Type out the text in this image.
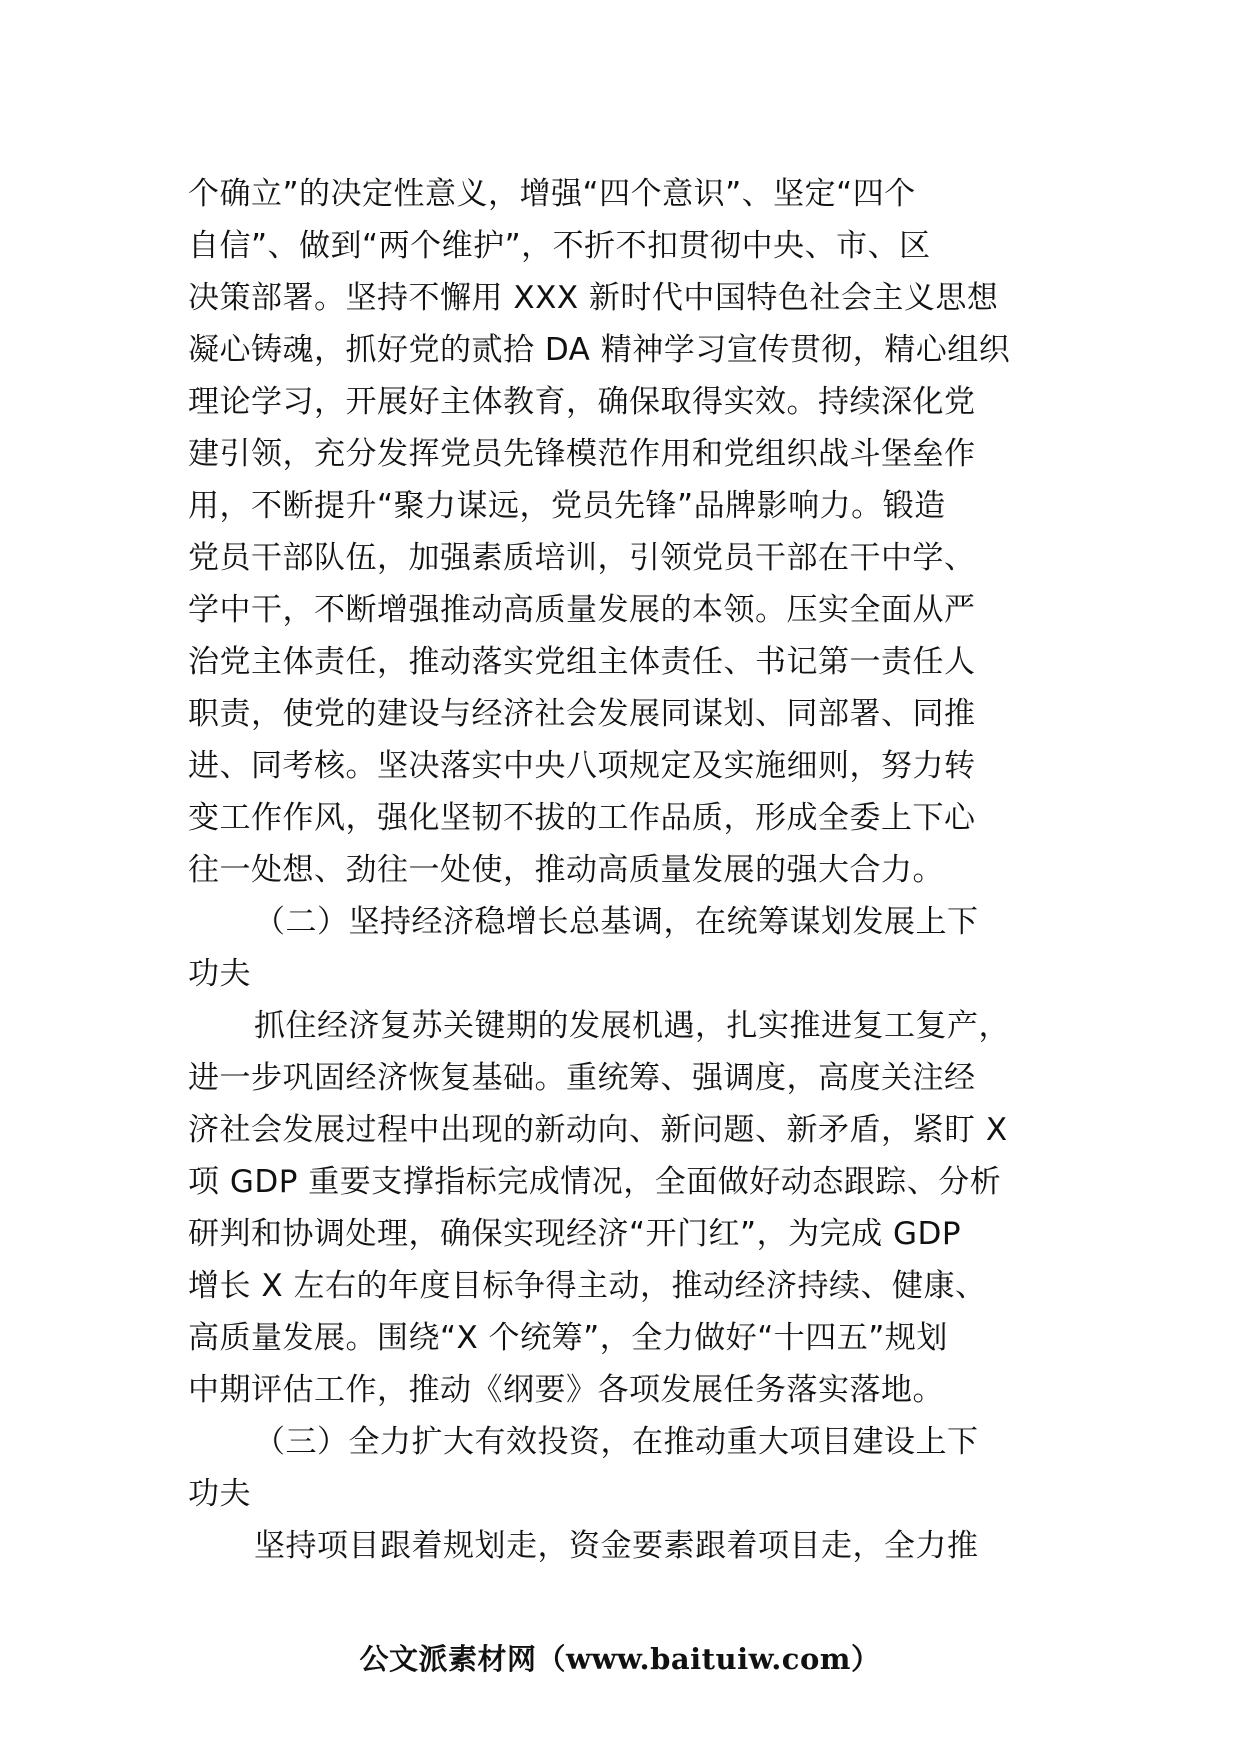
个确立”的决定性意义，增强“四个意识”、坚定“四个
自信”、做到“两个维护”，不折不扣贯彻中央、市、区
决策部署。坚持不懈用 XXX 新时代中国特色社会主义思想
凝心铸魂，抓好党的贰拾 DA 精神学习宣传贯彻，精心组织
理论学习，开展好主体教育，确保取得实效。持续深化党
建引领，充分发挥党员先锋模范作用和党组织战斗堡垒作
用，不断提升“聚力谋远，党员先锋”品牌影响力。锻造
党员干部队伍，加强素质培训，引领党员干部在干中学、
学中干，不断增强推动高质量发展的本领。压实全面从严
治党主体责任，推动落实党组主体责任、书记第一责任人
职责，使党的建设与经济社会发展同谋划、同部署、同推
进、同考核。坚决落实中央八项规定及实施细则，努力转
变工作作风，强化坚韧不拔的工作品质，形成全委上下心
往一处想、劲往一处使，推动高质量发展的强大合力。
（二）坚持经济稳增长总基调，在统筹谋划发展上下
功夫
抓住经济复苏关键期的发展机遇，扎实推进复工复产，
进一步巩固经济恢复基础。重统筹、强调度，高度关注经
济社会发展过程中出现的新动向、新问题、新矛盾，紧盯 X
项 GDP 重要支撑指标完成情况，全面做好动态跟踪、分析
研判和协调处理，确保实现经济“开门红”，为完成 GDP
增长 X 左右的年度目标争得主动，推动经济持续、健康、
高质量发展。围绕“X 个统筹”，全力做好“十四五”规划
中期评估工作，推动《纲要》各项发展任务落实落地。
（三）全力扩大有效投资，在推动重大项目建设上下
功夫
坚持项目跟着规划走，资金要素跟着项目走，全力推
公文派素材网（www.baituiw.com）
